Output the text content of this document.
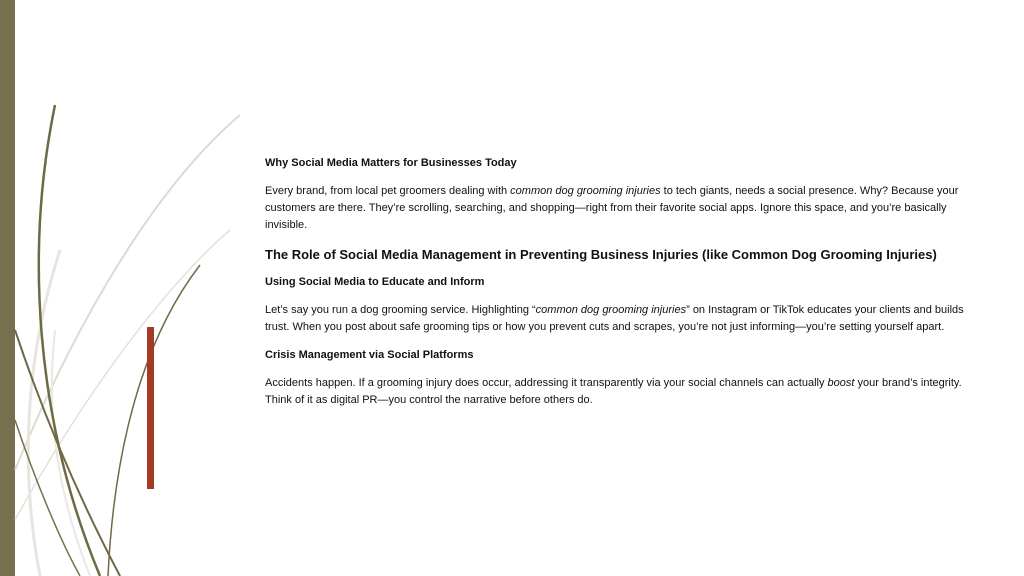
Why Social Media Matters for Businesses Today
Every brand, from local pet groomers dealing with common dog grooming injuries to tech giants, needs a social presence. Why? Because your customers are there. They’re scrolling, searching, and shopping—right from their favorite social apps. Ignore this space, and you’re basically invisible.
The Role of Social Media Management in Preventing Business Injuries (like Common Dog Grooming Injuries)
Using Social Media to Educate and Inform
Let’s say you run a dog grooming service. Highlighting “common dog grooming injuries” on Instagram or TikTok educates your clients and builds trust. When you post about safe grooming tips or how you prevent cuts and scrapes, you’re not just informing—you’re setting yourself apart.
Crisis Management via Social Platforms
Accidents happen. If a grooming injury does occur, addressing it transparently via your social channels can actually boost your brand’s integrity. Think of it as digital PR—you control the narrative before others do.
